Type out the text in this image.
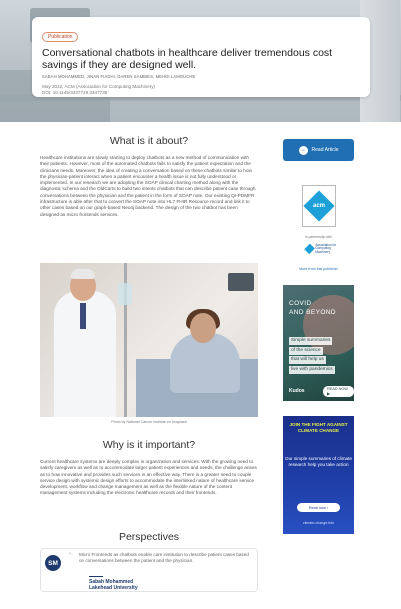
Publication
Conversational chatbots in healthcare deliver tremendous cost savings if they are designed well.
SABAH MOHAMMED, JINAN FIADHI, DAREN SAMBIES, MEHDI LAMOUCHE
May 2022, ACM (Association for Computing Machinery)
DOI: 10.1145/3347729.3347738
What is it about?

Healthcare institutions are slowly starting to deploy chatbots as a new method of communication with their patients. However, most of the automated chatbots fails to satisfy the patient expectation and the clinicians needs. Moreover, the idea of creating a conversation based on these chatbots similar to how the physician-patient interact when a patient encounter a health issue is not fully understood or implemented. In our research we are adopting the SOAP clinical charting method along with the diagnostic schema and the OldCarts to build two intents chatbots that can describe patient case through conversations between the physician and the patient in the form of SOAP note. Our existing QI-PDMFR infrastructure is able after that to convert the SOAP note into HL7 FHIR Resource record and link it to other cases based on our graph-based Neo4j backend. The design of the two chatbot has been designed as micro frontends services.

Photo by National Cancer Institute on Unsplash
Why is it important?

Current healthcare systems are deeply complex in organization and services. With the growing need to satisfy caregivers as well as to accommodate larger patient experiences and needs, the challenge arises as to how innovative and provides such services in an effective way. There is a greater need to couple service design with systemic design efforts to accommodate the interlinked nature of healthcare service development, workflow and change management as well as the flexible nature of the content management systems including the electronic healthcare records and their frontends.

Perspectives
SM
“ Micro Frontends as chatbots enable care institution to describe patient cases based on conversations between the patient and the physician.
Sabah Mohammed
Lakehead University
→	Read Article
acm
In partnership with
Association for
Computing Machinery
More from this publisher
COVID
AND BEYOND
Simple summaries
of the science
that will help us
live with pandemics
Kudos	READ NOW ▶
JOIN THE FIGHT AGAINST CLIMATE CHANGE
Our simple summaries of climate research help you take action
Read now ›
climate-change.info
